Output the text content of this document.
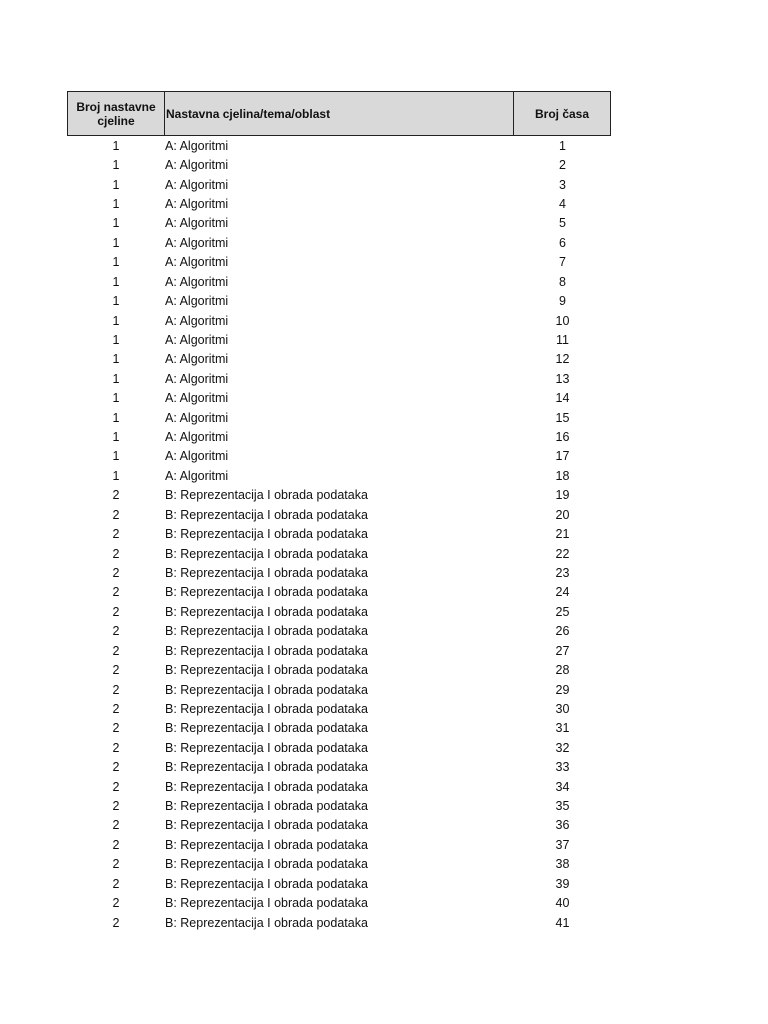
Broj nastavne cjeline	Nastavna cjelina/tema/oblast	Broj časa
1	A: Algoritmi	1
1	A: Algoritmi	2
1	A: Algoritmi	3
1	A: Algoritmi	4
1	A: Algoritmi	5
1	A: Algoritmi	6
1	A: Algoritmi	7
1	A: Algoritmi	8
1	A: Algoritmi	9
1	A: Algoritmi	10
1	A: Algoritmi	11
1	A: Algoritmi	12
1	A: Algoritmi	13
1	A: Algoritmi	14
1	A: Algoritmi	15
1	A: Algoritmi	16
1	A: Algoritmi	17
1	A: Algoritmi	18
2	B: Reprezentacija I obrada podataka	19
2	B: Reprezentacija I obrada podataka	20
2	B: Reprezentacija I obrada podataka	21
2	B: Reprezentacija I obrada podataka	22
2	B: Reprezentacija I obrada podataka	23
2	B: Reprezentacija I obrada podataka	24
2	B: Reprezentacija I obrada podataka	25
2	B: Reprezentacija I obrada podataka	26
2	B: Reprezentacija I obrada podataka	27
2	B: Reprezentacija I obrada podataka	28
2	B: Reprezentacija I obrada podataka	29
2	B: Reprezentacija I obrada podataka	30
2	B: Reprezentacija I obrada podataka	31
2	B: Reprezentacija I obrada podataka	32
2	B: Reprezentacija I obrada podataka	33
2	B: Reprezentacija I obrada podataka	34
2	B: Reprezentacija I obrada podataka	35
2	B: Reprezentacija I obrada podataka	36
2	B: Reprezentacija I obrada podataka	37
2	B: Reprezentacija I obrada podataka	38
2	B: Reprezentacija I obrada podataka	39
2	B: Reprezentacija I obrada podataka	40
2	B: Reprezentacija I obrada podataka	41
